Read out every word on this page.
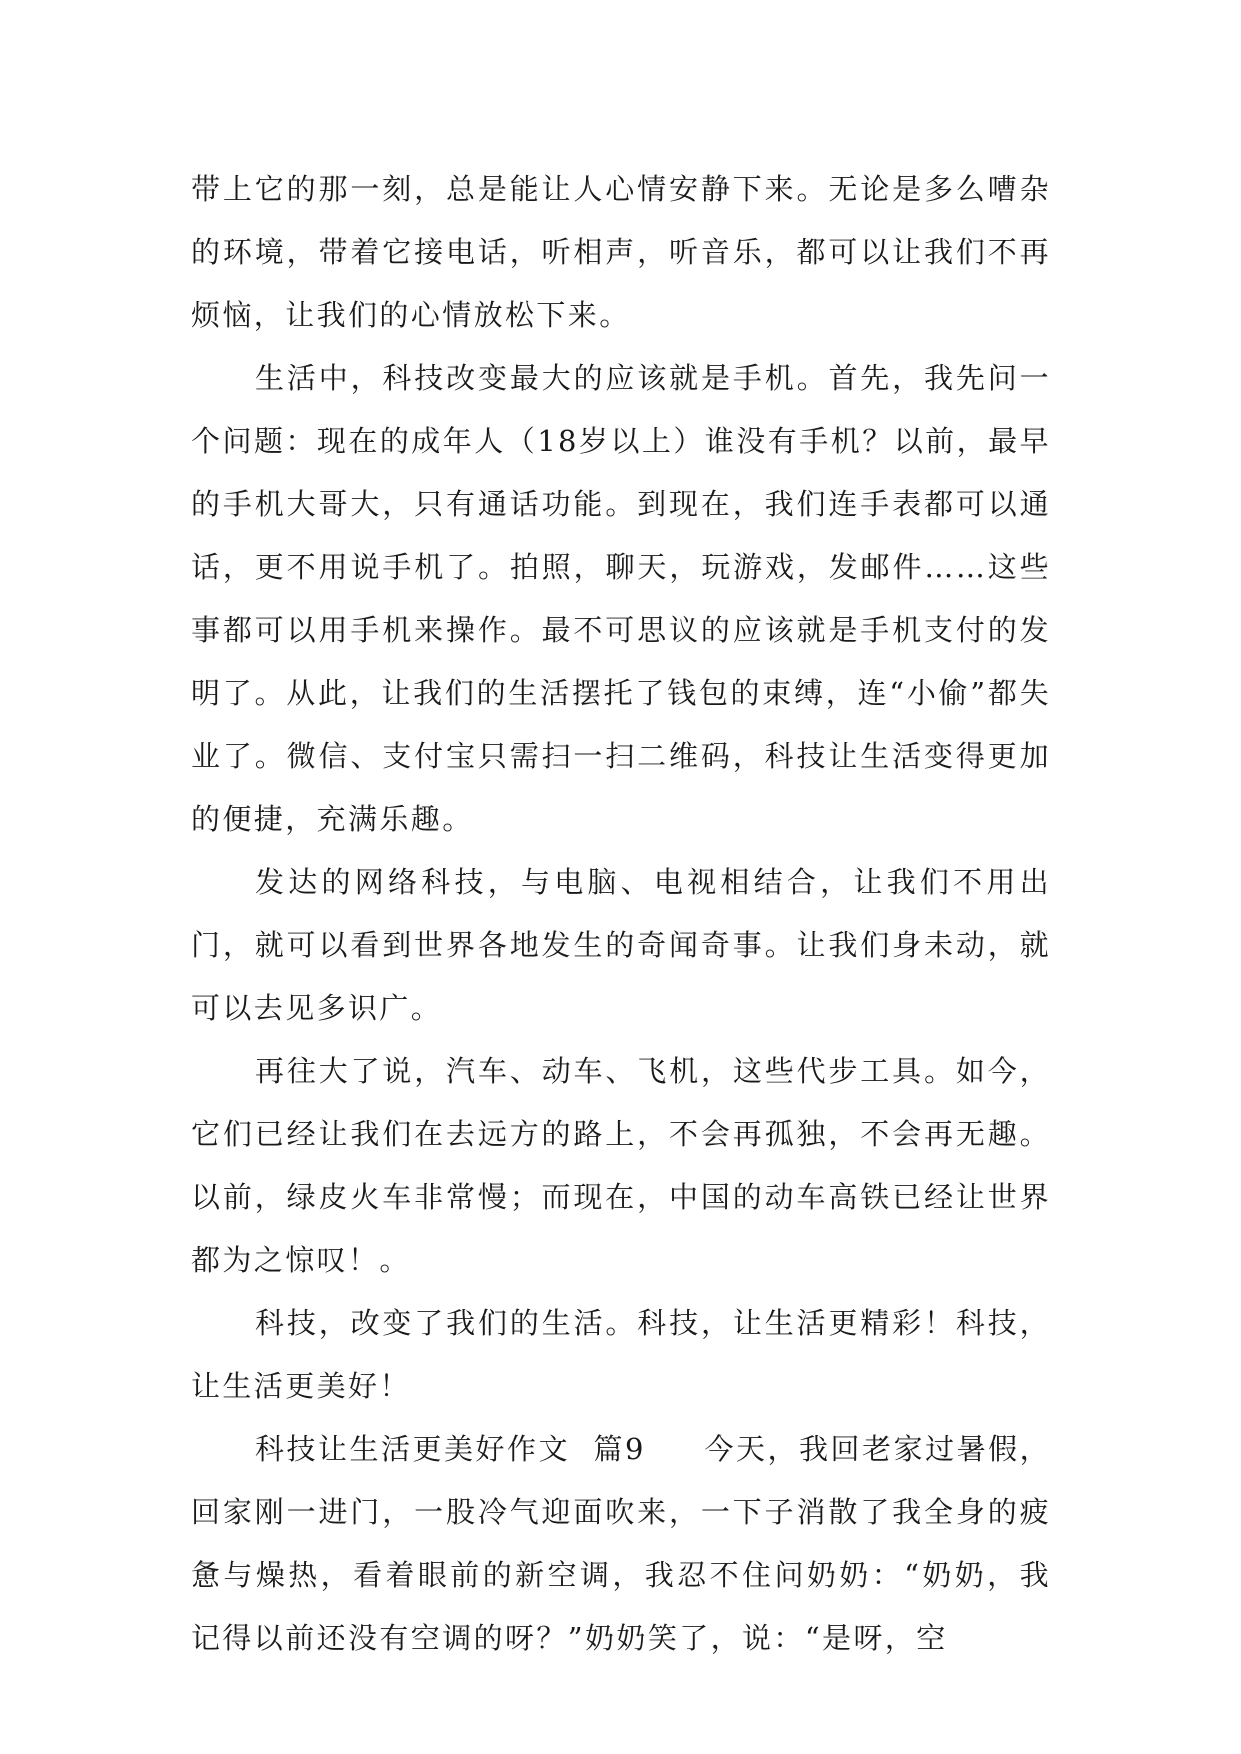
带上它的那一刻，总是能让人心情安静下来。无论是多么嘈杂的环境，带着它接电话，听相声，听音乐，都可以让我们不再烦恼，让我们的心情放松下来。

生活中，科技改变最大的应该就是手机。首先，我先问一个问题：现在的成年人（18岁以上）谁没有手机？以前，最早的手机大哥大，只有通话功能。到现在，我们连手表都可以通话，更不用说手机了。拍照，聊天，玩游戏，发邮件……这些事都可以用手机来操作。最不可思议的应该就是手机支付的发明了。从此，让我们的生活摆托了钱包的束缚，连“小偷”都失业了。微信、支付宝只需扫一扫二维码，科技让生活变得更加的便捷，充满乐趣。

发达的网络科技，与电脑、电视相结合，让我们不用出门，就可以看到世界各地发生的奇闻奇事。让我们身未动，就可以去见多识广。

再往大了说，汽车、动车、飞机，这些代步工具。如今，它们已经让我们在去远方的路上，不会再孤独，不会再无趣。以前，绿皮火车非常慢；而现在，中国的动车高铁已经让世界都为之惊叹！。

科技，改变了我们的生活。科技，让生活更精彩！科技，让生活更美好！

科技让生活更美好作文  篇9     今天，我回老家过暑假，回家刚一进门，一股冷气迎面吹来，一下子消散了我全身的疲惫与燥热，看着眼前的新空调，我忍不住问奶奶：“奶奶，我记得以前还没有空调的呀？”奶奶笑了，说：“是呀，空
